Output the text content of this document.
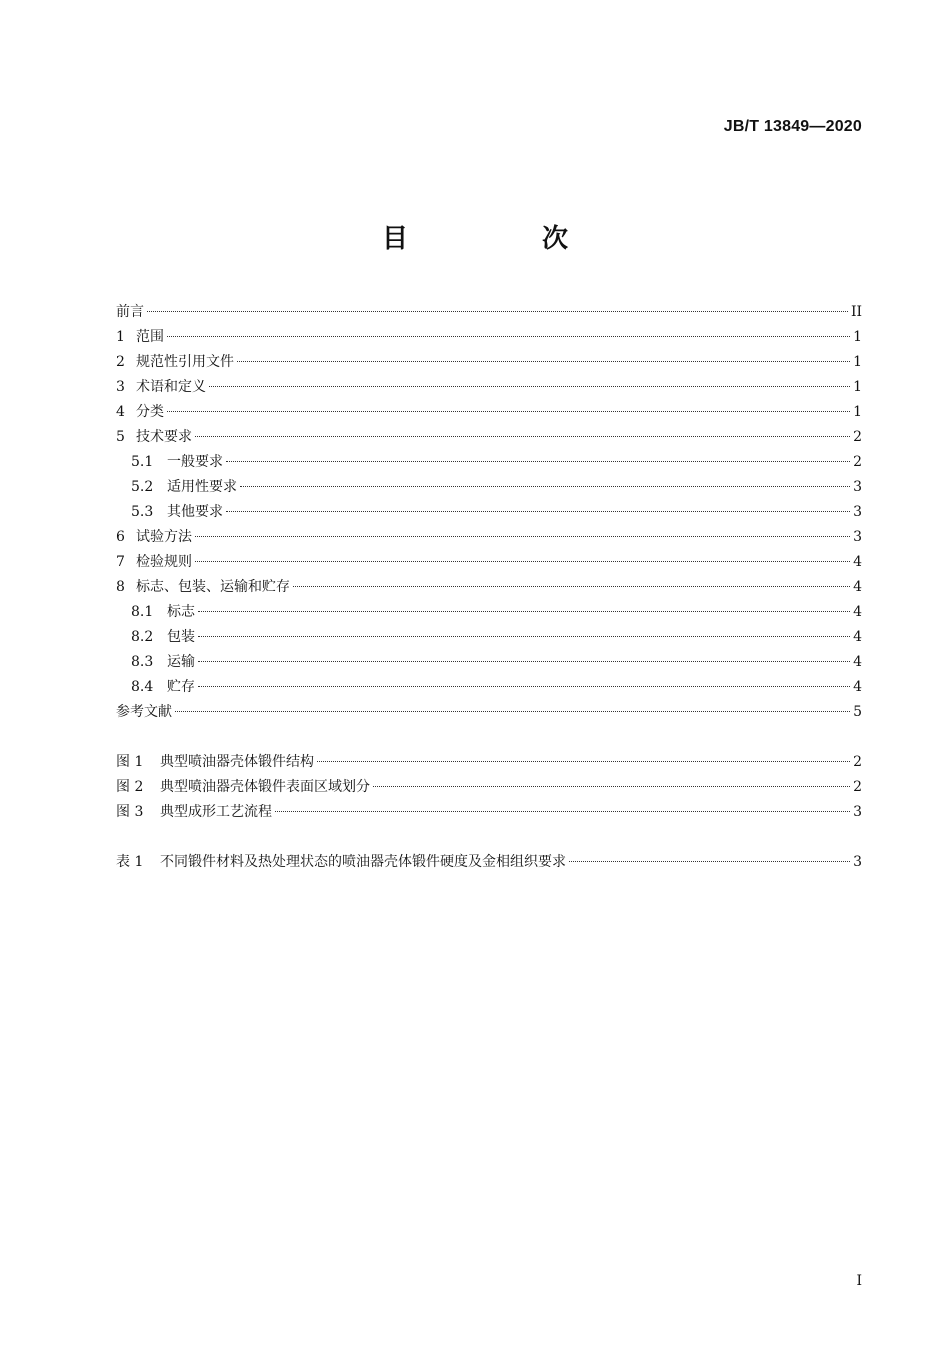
JB/T 13849—2020
目　次
前言	II
1 范围	1
2 规范性引用文件	1
3 术语和定义	1
4 分类	1
5 技术要求	2
5.1 一般要求	2
5.2 适用性要求	3
5.3 其他要求	3
6 试验方法	3
7 检验规则	4
8 标志、包装、运输和贮存	4
8.1 标志	4
8.2 包装	4
8.3 运输	4
8.4 贮存	4
参考文献	5
图 1	典型喷油器壳体锻件结构	2
图 2	典型喷油器壳体锻件表面区域划分	2
图 3	典型成形工艺流程	3
表 1	不同锻件材料及热处理状态的喷油器壳体锻件硬度及金相组织要求	3
I
